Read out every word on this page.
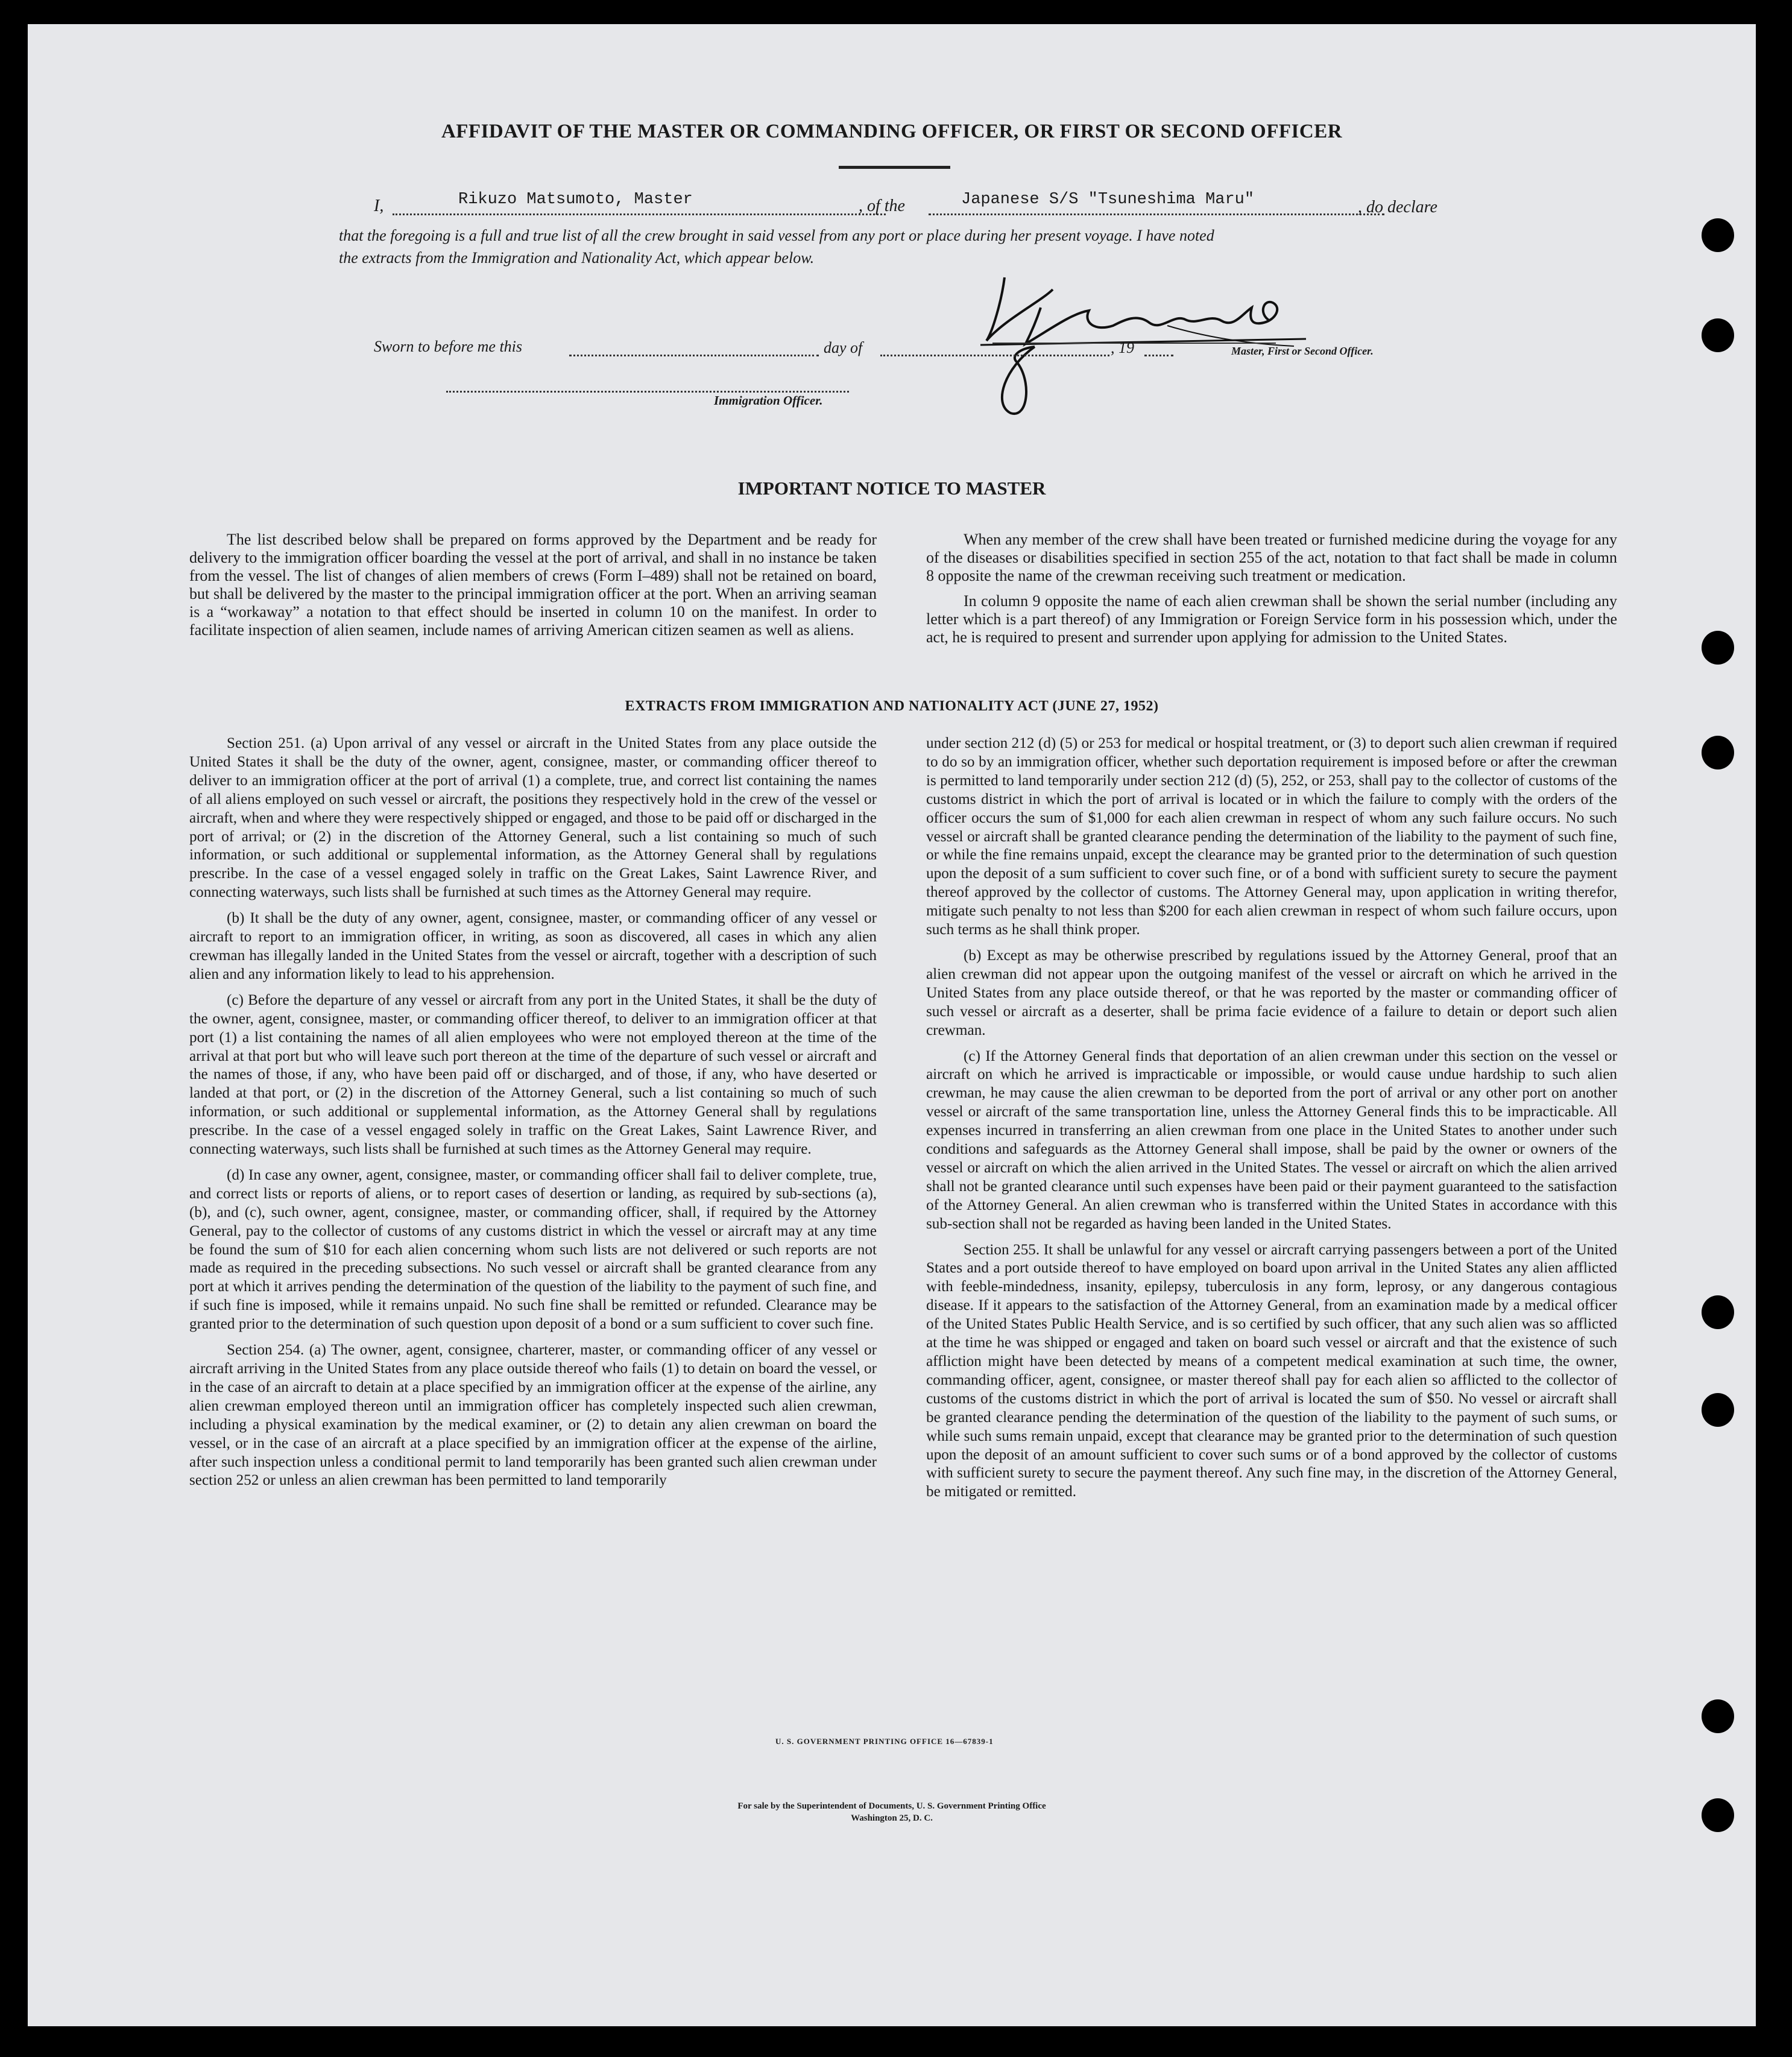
AFFIDAVIT OF THE MASTER OR COMMANDING OFFICER, OR FIRST OR SECOND OFFICER
I,	Rikuzo Matsumoto, Master	, of the	Japanese S/S "Tsuneshima Maru"	, do declare
that the foregoing is a full and true list of all the crew brought in said vessel from any port or place during her present voyage. I have noted
the extracts from the Immigration and Nationality Act, which appear below.
Master, First or Second Officer.
Sworn to before me this	day of	, 19
Immigration Officer.
IMPORTANT NOTICE TO MASTER

The list described below shall be prepared on forms approved by the Department and be ready for delivery to the immigration officer boarding the vessel at the port of arrival, and shall in no instance be taken from the vessel. The list of changes of alien members of crews (Form I–489) shall not be retained on board, but shall be delivered by the master to the principal immigration officer at the port. When an arriving seaman is a “workaway” a notation to that effect should be inserted in column 10 on the manifest. In order to facilitate inspection of alien seamen, include names of arriving American citizen seamen as well as aliens.

When any member of the crew shall have been treated or furnished medicine during the voyage for any of the diseases or disabilities specified in section 255 of the act, notation to that fact shall be made in column 8 opposite the name of the crewman receiving such treatment or medication.

In column 9 opposite the name of each alien crewman shall be shown the serial number (including any letter which is a part thereof) of any Immigration or Foreign Service form in his possession which, under the act, he is required to present and surrender upon applying for admission to the United States.

EXTRACTS FROM IMMIGRATION AND NATIONALITY ACT (JUNE 27, 1952)

Section 251. (a) Upon arrival of any vessel or aircraft in the United States from any place outside the United States it shall be the duty of the owner, agent, consignee, master, or commanding officer thereof to deliver to an immigration officer at the port of arrival (1) a complete, true, and correct list containing the names of all aliens employed on such vessel or aircraft, the positions they respectively hold in the crew of the vessel or aircraft, when and where they were respectively shipped or engaged, and those to be paid off or discharged in the port of arrival; or (2) in the discretion of the Attorney General, such a list containing so much of such information, or such additional or supplemental information, as the Attorney General shall by regulations prescribe. In the case of a vessel engaged solely in traffic on the Great Lakes, Saint Lawrence River, and connecting waterways, such lists shall be furnished at such times as the Attorney General may require.

(b) It shall be the duty of any owner, agent, consignee, master, or commanding officer of any vessel or aircraft to report to an immigration officer, in writing, as soon as discovered, all cases in which any alien crewman has illegally landed in the United States from the vessel or aircraft, together with a description of such alien and any information likely to lead to his apprehension.

(c) Before the departure of any vessel or aircraft from any port in the United States, it shall be the duty of the owner, agent, consignee, master, or commanding officer thereof, to deliver to an immigration officer at that port (1) a list containing the names of all alien employees who were not employed thereon at the time of the arrival at that port but who will leave such port thereon at the time of the departure of such vessel or aircraft and the names of those, if any, who have been paid off or discharged, and of those, if any, who have deserted or landed at that port, or (2) in the discretion of the Attorney General, such a list containing so much of such information, or such additional or supplemental information, as the Attorney General shall by regulations prescribe. In the case of a vessel engaged solely in traffic on the Great Lakes, Saint Lawrence River, and connecting waterways, such lists shall be furnished at such times as the Attorney General may require.

(d) In case any owner, agent, consignee, master, or commanding officer shall fail to deliver complete, true, and correct lists or reports of aliens, or to report cases of desertion or landing, as required by sub-sections (a), (b), and (c), such owner, agent, consignee, master, or commanding officer, shall, if required by the Attorney General, pay to the collector of customs of any customs district in which the vessel or aircraft may at any time be found the sum of $10 for each alien concerning whom such lists are not delivered or such reports are not made as required in the preceding subsections. No such vessel or aircraft shall be granted clearance from any port at which it arrives pending the determination of the question of the liability to the payment of such fine, and if such fine is imposed, while it remains unpaid. No such fine shall be remitted or refunded. Clearance may be granted prior to the determination of such question upon deposit of a bond or a sum sufficient to cover such fine.

Section 254. (a) The owner, agent, consignee, charterer, master, or commanding officer of any vessel or aircraft arriving in the United States from any place outside thereof who fails (1) to detain on board the vessel, or in the case of an aircraft to detain at a place specified by an immigration officer at the expense of the airline, any alien crewman employed thereon until an immigration officer has completely inspected such alien crewman, including a physical examination by the medical examiner, or (2) to detain any alien crewman on board the vessel, or in the case of an aircraft at a place specified by an immigration officer at the expense of the airline, after such inspection unless a conditional permit to land temporarily has been granted such alien crewman under section 252 or unless an alien crewman has been permitted to land temporarily

under section 212 (d) (5) or 253 for medical or hospital treatment, or (3) to deport such alien crewman if required to do so by an immigration officer, whether such deportation requirement is imposed before or after the crewman is permitted to land temporarily under section 212 (d) (5), 252, or 253, shall pay to the collector of customs of the customs district in which the port of arrival is located or in which the failure to comply with the orders of the officer occurs the sum of $1,000 for each alien crewman in respect of whom any such failure occurs. No such vessel or aircraft shall be granted clearance pending the determination of the liability to the payment of such fine, or while the fine remains unpaid, except the clearance may be granted prior to the determination of such question upon the deposit of a sum sufficient to cover such fine, or of a bond with sufficient surety to secure the payment thereof approved by the collector of customs. The Attorney General may, upon application in writing therefor, mitigate such penalty to not less than $200 for each alien crewman in respect of whom such failure occurs, upon such terms as he shall think proper.

(b) Except as may be otherwise prescribed by regulations issued by the Attorney General, proof that an alien crewman did not appear upon the outgoing manifest of the vessel or aircraft on which he arrived in the United States from any place outside thereof, or that he was reported by the master or commanding officer of such vessel or aircraft as a deserter, shall be prima facie evidence of a failure to detain or deport such alien crewman.

(c) If the Attorney General finds that deportation of an alien crewman under this section on the vessel or aircraft on which he arrived is impracticable or impossible, or would cause undue hardship to such alien crewman, he may cause the alien crewman to be deported from the port of arrival or any other port on another vessel or aircraft of the same transportation line, unless the Attorney General finds this to be impracticable. All expenses incurred in transferring an alien crewman from one place in the United States to another under such conditions and safeguards as the Attorney General shall impose, shall be paid by the owner or owners of the vessel or aircraft on which the alien arrived in the United States. The vessel or aircraft on which the alien arrived shall not be granted clearance until such expenses have been paid or their payment guaranteed to the satisfaction of the Attorney General. An alien crewman who is transferred within the United States in accordance with this sub-section shall not be regarded as having been landed in the United States.

Section 255. It shall be unlawful for any vessel or aircraft carrying passengers between a port of the United States and a port outside thereof to have employed on board upon arrival in the United States any alien afflicted with feeble-mindedness, insanity, epilepsy, tuberculosis in any form, leprosy, or any dangerous contagious disease. If it appears to the satisfaction of the Attorney General, from an examination made by a medical officer of the United States Public Health Service, and is so certified by such officer, that any such alien was so afflicted at the time he was shipped or engaged and taken on board such vessel or aircraft and that the existence of such affliction might have been detected by means of a competent medical examination at such time, the owner, commanding officer, agent, consignee, or master thereof shall pay for each alien so afflicted to the collector of customs of the customs district in which the port of arrival is located the sum of $50. No vessel or aircraft shall be granted clearance pending the determination of the question of the liability to the payment of such sums, or while such sums remain unpaid, except that clearance may be granted prior to the determination of such question upon the deposit of an amount sufficient to cover such sums or of a bond approved by the collector of customs with sufficient surety to secure the payment thereof. Any such fine may, in the discretion of the Attorney General, be mitigated or remitted.

U. S. GOVERNMENT PRINTING OFFICE 16—67839-1
For sale by the Superintendent of Documents, U. S. Government Printing Office
Washington 25, D. C.
